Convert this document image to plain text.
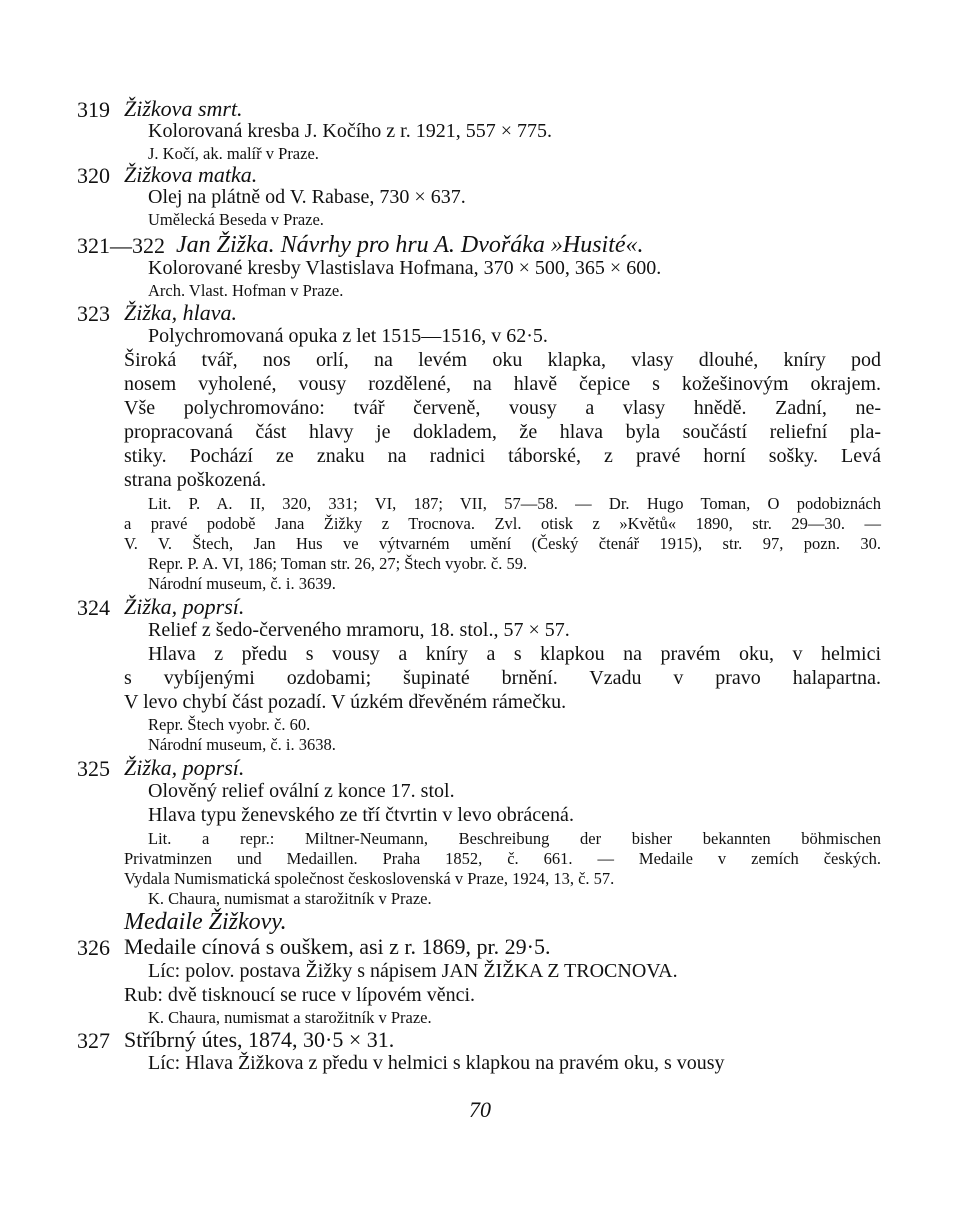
319 Žižkova smrt.
Kolorovaná kresba J. Kočího z r. 1921, 557 × 775.
J. Kočí, ak. malíř v Praze.
320 Žižkova matka.
Olej na plátně od V. Rabase, 730 × 637.
Umělecká Beseda v Praze.
321—322 Jan Žižka. Návrhy pro hru A. Dvořáka »Husité«.
Kolorované kresby Vlastislava Hofmana, 370 × 500, 365 × 600.
Arch. Vlast. Hofman v Praze.
323 Žižka, hlava.
Polychromovaná opuka z let 1515—1516, v 62·5.
Široká tvář, nos orlí, na levém oku klapka, vlasy dlouhé, kníry pod
nosem vyholené, vousy rozdělené, na hlavě čepice s kožešinovým okrajem.
Vše polychromováno: tvář červeně, vousy a vlasy hnědě. Zadní, ne-
propracovaná část hlavy je dokladem, že hlava byla součástí reliefní pla-
stiky. Pochází ze znaku na radnici táborské, z pravé horní sošky. Levá
strana poškozená.
Lit. P. A. II, 320, 331; VI, 187; VII, 57—58. — Dr. Hugo Toman, O podobiznách
a pravé podobě Jana Žižky z Trocnova. Zvl. otisk z »Květů« 1890, str. 29—30. —
V. V. Štech, Jan Hus ve výtvarném umění (Český čtenář 1915), str. 97, pozn. 30.
Repr. P. A. VI, 186; Toman str. 26, 27; Štech vyobr. č. 59.
Národní museum, č. i. 3639.
324 Žižka, poprsí.
Relief z šedo-červeného mramoru, 18. stol., 57 × 57.
Hlava z předu s vousy a kníry a s klapkou na pravém oku, v helmici
s vybíjenými ozdobami; šupinaté brnění. Vzadu v pravo halapartna.
V levo chybí část pozadí. V úzkém dřevěném rámečku.
Repr. Štech vyobr. č. 60.
Národní museum, č. i. 3638.
325 Žižka, poprsí.
Olověný relief ovální z konce 17. stol.
Hlava typu ženevského ze tří čtvrtin v levo obrácená.
Lit. a repr.: Miltner-Neumann, Beschreibung der bisher bekannten böhmischen
Privatminzen und Medaillen. Praha 1852, č. 661. — Medaile v zemích českých.
Vydala Numismatická společnost československá v Praze, 1924, 13, č. 57.
K. Chaura, numismat a starožitník v Praze.
Medaile Žižkovy.
326 Medaile cínová s ouškem, asi z r. 1869, pr. 29·5.
Líc: polov. postava Žižky s nápisem JAN ŽIŽKA Z TROCNOVA.
Rub: dvě tisknoucí se ruce v lípovém věnci.
K. Chaura, numismat a starožitník v Praze.
327 Stříbrný útes, 1874, 30·5 × 31.
Líc: Hlava Žižkova z předu v helmici s klapkou na pravém oku, s vousy
70
